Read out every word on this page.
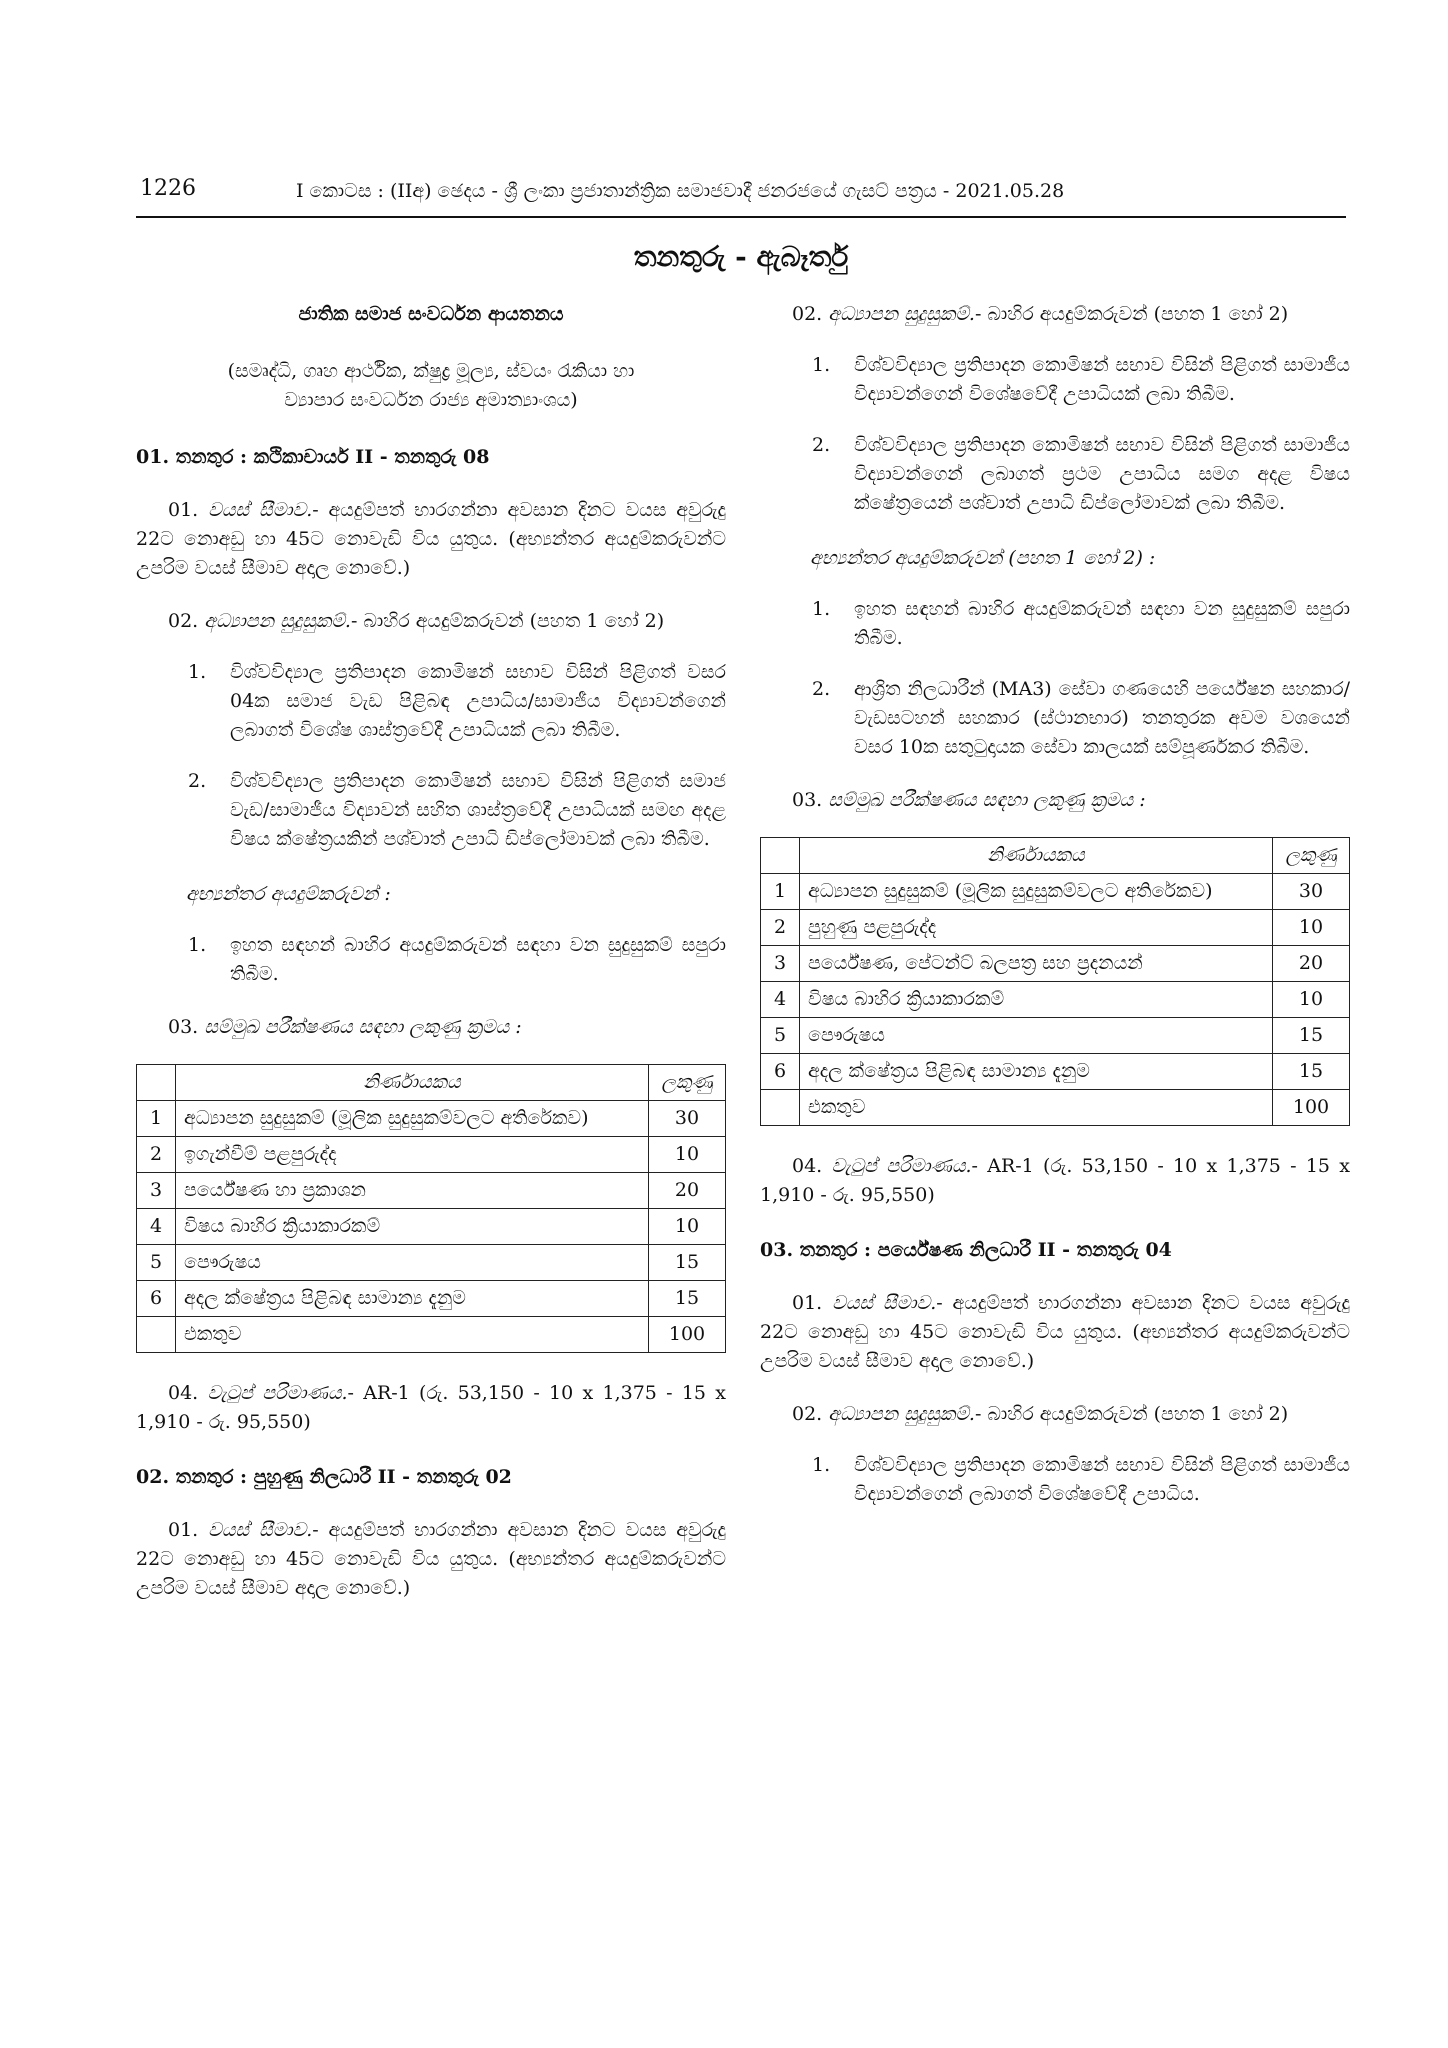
1226	I කොටස : (IIඅ) ඡෙදය - ශ්‍රී ලංකා ප්‍රජාතාන්ත්‍රික සමාජවාදී ජනරජයේ ගැසට් පත්‍රය - 2021.05.28
තනතුරු - ඇබෑර්තු

ජාතික සමාජ සංවර්ධන ආයතනය

(සමෘද්ධි, ගෘහ ආර්ථික, ක්ෂුද්‍ර මූල්‍ය, ස්වයං රැකියා හා

ව්‍යාපාර සංවර්ධන රාජ්‍ය අමාත්‍යාංශය)

01. තනතුර : කථිකාචාර්ය II - තනතුරු 08

01. වයස් සීමාව.- අයදුම්පත් භාරගන්නා අවසාන දිනට වයස අවුරුදු 22ට නොඅඩු හා 45ට නොවැඩි විය යුතුය. (අභ්‍යන්තර අයදුම්කරුවන්ට උපරිම වයස් සීමාව අදාල නොවේ.)

02. අධ්‍යාපන සුදුසුකම්.- බාහිර අයදුම්කරුවන් (පහත 1 හෝ 2)

1.	විශ්වවිද්‍යාල ප්‍රතිපාදන කොමිෂන් සභාව විසින් පිළිගත් වසර 04ක සමාජ වැඩ පිළිබඳ උපාධිය/සාමාජීය විද්‍යාවන්ගෙන් ලබාගත් විශේෂ ශාස්ත්‍රවේදී උපාධියක් ලබා තිබීම.
2.	විශ්වවිද්‍යාල ප්‍රතිපාදන කොමිෂන් සභාව විසින් පිළිගත් සමාජ වැඩ/සාමාජීය විද්‍යාවන් සහිත ශාස්ත්‍රවේදී උපාධියක් සමඟ අදළ විෂය ක්ෂේත්‍රයකින් පශ්චාත් උපාධි ඩිප්ලෝමාවක් ලබා තිබීම.

අභ්‍යන්තර අයදුම්කරුවන් :

1.	ඉහත සඳහන් බාහිර අයදුම්කරුවන් සඳහා වන සුදුසුකම් සපුරා තිබීම.

03. සම්මුඛ පරීක්ෂණය සඳහා ලකුණු ක්‍රමය :

	නිර්ණායකය	ලකුණු
1	අධ්‍යාපන සුදුසුකම් (මූලික සුදුසුකම්වලට අතිරේකව)	30
2	ඉගැන්වීම් පළපුරුද්ද	10
3	පර්යේෂණ හා ප්‍රකාශන	20
4	විෂය බාහිර ක්‍රියාකාරකම්	10
5	පෞරුෂය	15
6	අදල ක්ෂේත්‍රය පිළිබඳ සාමාන්‍ය දැනුම	15
	එකතුව	100

04. වැටුප් පරිමාණය.- AR-1 (රු. 53,150 - 10 x 1,375 - 15 x 1,910 - රු. 95,550)

02. තනතුර : පුහුණු නිලධාරී II - තනතුරු 02

01. වයස් සීමාව.- අයදුම්පත් භාරගන්නා අවසාන දිනට වයස අවුරුදු 22ට නොඅඩු හා 45ට නොවැඩි විය යුතුය. (අභ්‍යන්තර අයදුම්කරුවන්ට උපරිම වයස් සීමාව අදාල නොවේ.)

02. අධ්‍යාපන සුදුසුකම්.- බාහිර අයදුම්කරුවන් (පහත 1 හෝ 2)

1.	විශ්වවිද්‍යාල ප්‍රතිපාදන කොමිෂන් සභාව විසින් පිළිගත් සාමාජීය විද්‍යාවන්ගෙන් විශේෂවේදී උපාධියක් ලබා තිබීම.
2.	විශ්වවිද්‍යාල ප්‍රතිපාදන කොමිෂන් සභාව විසින් පිළිගත් සාමාජීය විද්‍යාවන්ගෙන් ලබාගත් ප්‍රථම උපාධිය සමග අදළ විෂය ක්ෂේත්‍රයෙන් පශ්චාත් උපාධි ඩිප්ලෝමාවක් ලබා තිබීම.

අභ්‍යන්තර අයදුම්කරුවන් (පහත 1 හෝ 2) :

1.	ඉහත සඳහන් බාහිර අයදුම්කරුවන් සඳහා වන සුදුසුකම් සපුරා තිබීම.
2.	ආශ්‍රිත නිලධාරීන් (MA3) සේවා ගණයෙහි පර්යේෂන සහකාර/ වැඩසටහන් සහකාර (ස්ථානභාර) තනතුරක අවම වශයෙන් වසර 10ක සතුටුදායක සේවා කාලයක් සම්පූර්ණකර තිබීම.

03. සම්මුඛ පරීක්ෂණය සඳහා ලකුණු ක්‍රමය :

	නිර්ණායකය	ලකුණු
1	අධ්‍යාපන සුදුසුකම් (මූලික සුදුසුකම්වලට අතිරේකව)	30
2	පුහුණු පළපුරුද්ද	10
3	පර්යේෂණ, පේටන්ට් බලපත්‍ර සහ ප්‍රදනයන්	20
4	විෂය බාහිර ක්‍රියාකාරකම්	10
5	පෞරුෂය	15
6	අදල ක්ෂේත්‍රය පිළිබඳ සාමාන්‍ය දැනුම	15
	එකතුව	100

04. වැටුප් පරිමාණය.- AR-1 (රු. 53,150 - 10 x 1,375 - 15 x 1,910 - රු. 95,550)

03. තනතුර : පර්යේෂණ නිලධාරී II - තනතුරු 04

01. වයස් සීමාව.- අයදුම්පත් භාරගන්නා අවසාන දිනට වයස අවුරුදු 22ට නොඅඩු හා 45ට නොවැඩි විය යුතුය. (අභ්‍යන්තර අයදුම්කරුවන්ට උපරිම වයස් සීමාව අදාල නොවේ.)

02. අධ්‍යාපන සුදුසුකම්.- බාහිර අයදුම්කරුවන් (පහත 1 හෝ 2)

1.	විශ්වවිද්‍යාල ප්‍රතිපාදන කොමිෂන් සභාව විසින් පිළිගත් සාමාජීය විද්‍යාවන්ගෙන් ලබාගත් විශේෂවේදී උපාධිය.
